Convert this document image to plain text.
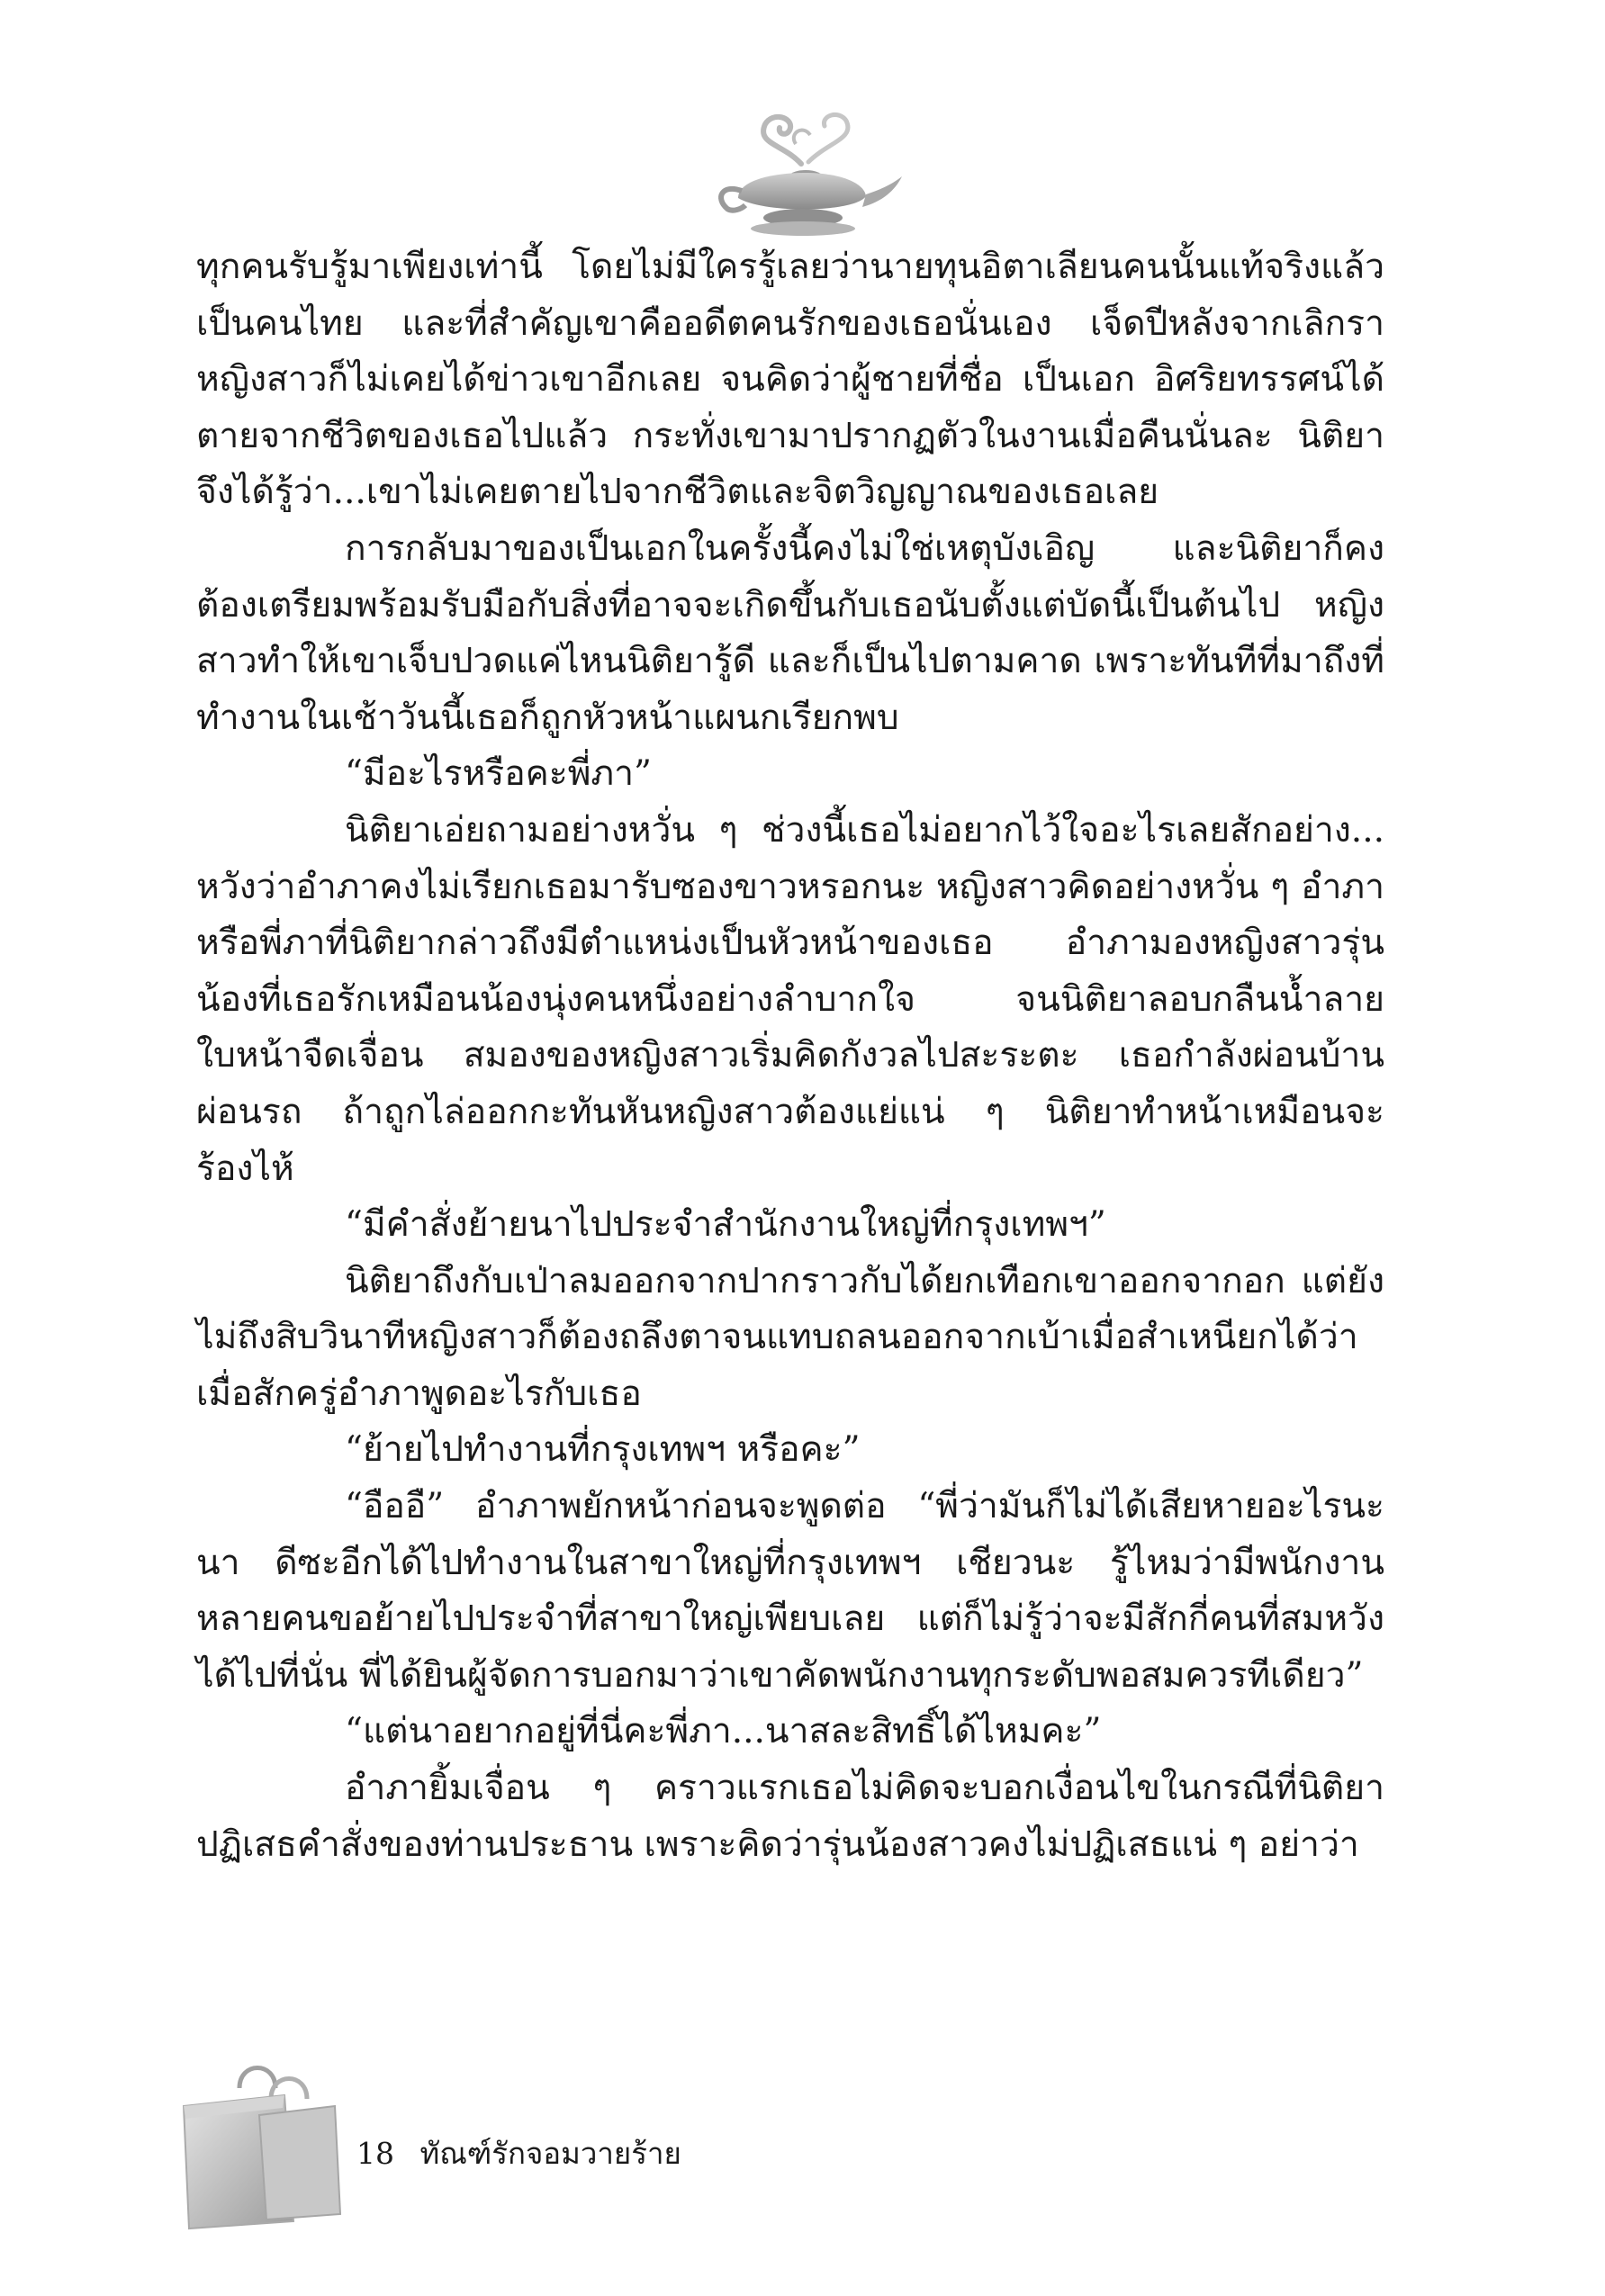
ทุกคนรับรู้มาเพียงเท่านี้ โดยไม่มีใครรู้เลยว่านายทุนอิตาเลียนคนนั้นแท้จริงแล้วเป็นคนไทย และที่สำคัญเขาคืออดีตคนรักของเธอนั่นเอง เจ็ดปีหลังจากเลิกราหญิงสาวก็ไม่เคยได้ข่าวเขาอีกเลย จนคิดว่าผู้ชายที่ชื่อ เป็นเอก อิศริยทรรศน์ได้ตายจากชีวิตของเธอไปแล้ว กระทั่งเขามาปรากฏตัวในงานเมื่อคืนนั่นละ นิติยาจึงได้รู้ว่า...เขาไม่เคยตายไปจากชีวิตและจิตวิญญาณของเธอเลย

การกลับมาของเป็นเอกในครั้งนี้คงไม่ใช่เหตุบังเอิญ และนิติยาก็คงต้องเตรียมพร้อมรับมือกับสิ่งที่อาจจะเกิดขึ้นกับเธอนับตั้งแต่บัดนี้เป็นต้นไป หญิงสาวทำให้เขาเจ็บปวดแค่ไหนนิติยารู้ดี และก็เป็นไปตามคาด เพราะทันทีที่มาถึงที่ทำงานในเช้าวันนี้เธอก็ถูกหัวหน้าแผนกเรียกพบ

“มีอะไรหรือคะพี่ภา”

นิติยาเอ่ยถามอย่างหวั่น ๆ ช่วงนี้เธอไม่อยากไว้ใจอะไรเลยสักอย่าง... หวังว่าอำภาคงไม่เรียกเธอมารับซองขาวหรอกนะ หญิงสาวคิดอย่างหวั่น ๆ อำภาหรือพี่ภาที่นิติยากล่าวถึงมีตำแหน่งเป็นหัวหน้าของเธอ อำภามองหญิงสาวรุ่นน้องที่เธอรักเหมือนน้องนุ่งคนหนึ่งอย่างลำบากใจ จนนิติยาลอบกลืนน้ำลายใบหน้าจืดเจื่อน สมองของหญิงสาวเริ่มคิดกังวลไปสะระตะ เธอกำลังผ่อนบ้านผ่อนรถ ถ้าถูกไล่ออกกะทันหันหญิงสาวต้องแย่แน่ ๆ นิติยาทำหน้าเหมือนจะร้องไห้

“มีคำสั่งย้ายนาไปประจำสำนักงานใหญ่ที่กรุงเทพฯ”

นิติยาถึงกับเป่าลมออกจากปากราวกับได้ยกเทือกเขาออกจากอก แต่ยังไม่ถึงสิบวินาทีหญิงสาวก็ต้องถลึงตาจนแทบถลนออกจากเบ้าเมื่อสำเหนียกได้ว่าเมื่อสักครู่อำภาพูดอะไรกับเธอ

“ย้ายไปทำงานที่กรุงเทพฯ หรือคะ”

“อืออื” อำภาพยักหน้าก่อนจะพูดต่อ “พี่ว่ามันก็ไม่ได้เสียหายอะไรนะนา ดีซะอีกได้ไปทำงานในสาขาใหญ่ที่กรุงเทพฯ เชียวนะ รู้ไหมว่ามีพนักงานหลายคนขอย้ายไปประจำที่สาขาใหญ่เพียบเลย แต่ก็ไม่รู้ว่าจะมีสักกี่คนที่สมหวังได้ไปที่นั่น พี่ได้ยินผู้จัดการบอกมาว่าเขาคัดพนักงานทุกระดับพอสมควรทีเดียว”

“แต่นาอยากอยู่ที่นี่คะพี่ภา...นาสละสิทธิ์ได้ไหมคะ”

อำภายิ้มเจื่อน ๆ คราวแรกเธอไม่คิดจะบอกเงื่อนไขในกรณีที่นิติยาปฏิเสธคำสั่งของท่านประธาน เพราะคิดว่ารุ่นน้องสาวคงไม่ปฏิเสธแน่ ๆ อย่าว่า

18 ทัณฑ์รักจอมวายร้าย
